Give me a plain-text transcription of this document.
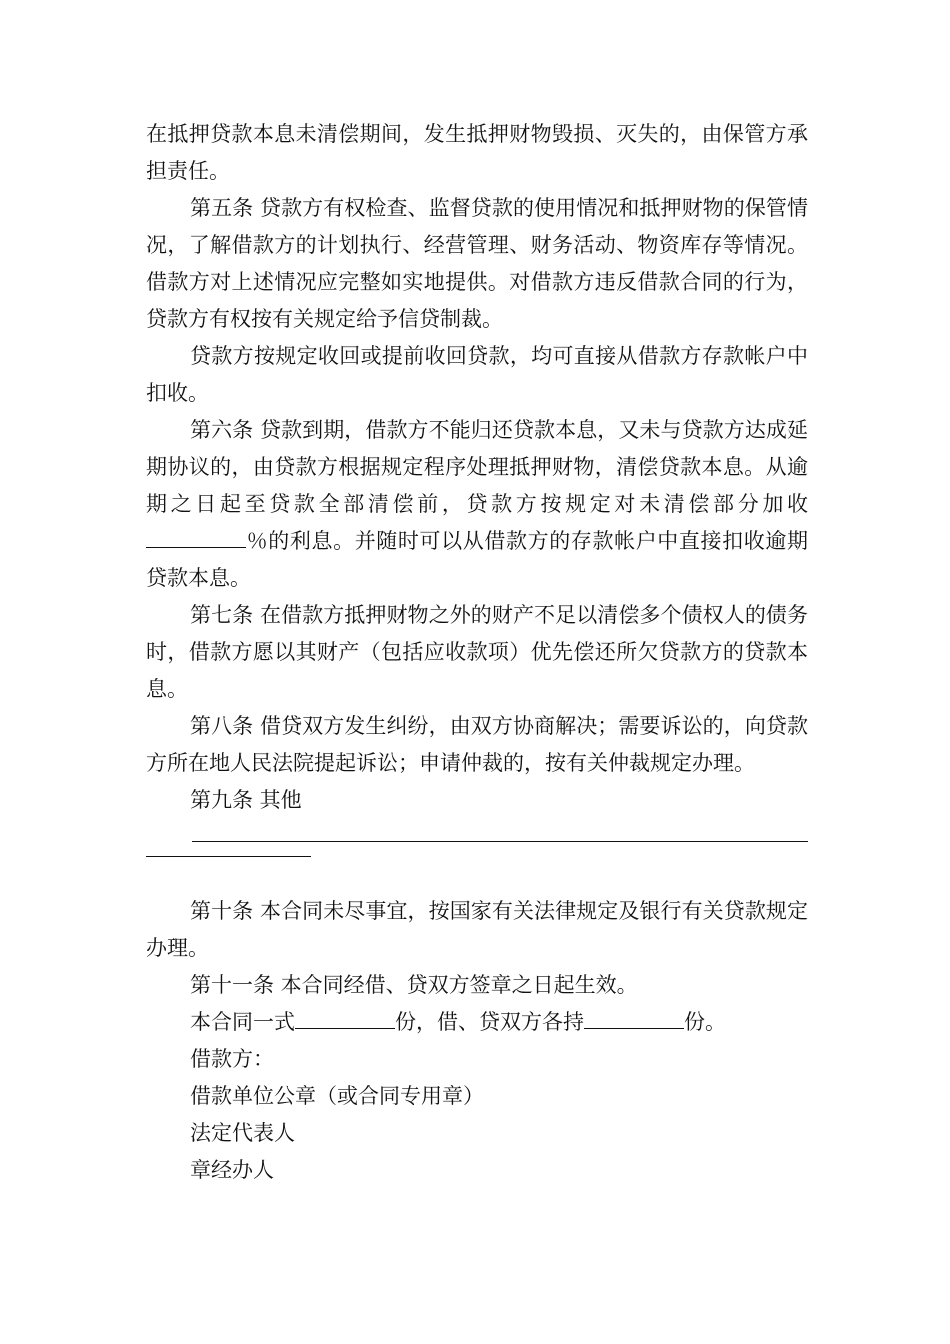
在抵押贷款本息未清偿期间，发生抵押财物毁损、灭失的，由保管方承担责任。

第五条 贷款方有权检查、监督贷款的使用情况和抵押财物的保管情况，了解借款方的计划执行、经营管理、财务活动、物资库存等情况。借款方对上述情况应完整如实地提供。对借款方违反借款合同的行为，贷款方有权按有关规定给予信贷制裁。

贷款方按规定收回或提前收回贷款，均可直接从借款方存款帐户中扣收。

第六条 贷款到期，借款方不能归还贷款本息，又未与贷款方达成延期协议的，由贷款方根据规定程序处理抵押财物，清偿贷款本息。从逾期之日起至贷款全部清偿前，贷款方按规定对未清偿部分加收％的利息。并随时可以从借款方的存款帐户中直接扣收逾期贷款本息。

第七条 在借款方抵押财物之外的财产不足以清偿多个债权人的债务时，借款方愿以其财产（包括应收款项）优先偿还所欠贷款方的贷款本息。

第八条 借贷双方发生纠纷，由双方协商解决；需要诉讼的，向贷款方所在地人民法院提起诉讼；申请仲裁的，按有关仲裁规定办理。

第九条 其他

第十条 本合同未尽事宜，按国家有关法律规定及银行有关贷款规定办理。

第十一条 本合同经借、贷双方签章之日起生效。

本合同一式	份，借、贷双方各持	份。

借款方：

借款单位公章（或合同专用章）

法定代表人

章经办人
